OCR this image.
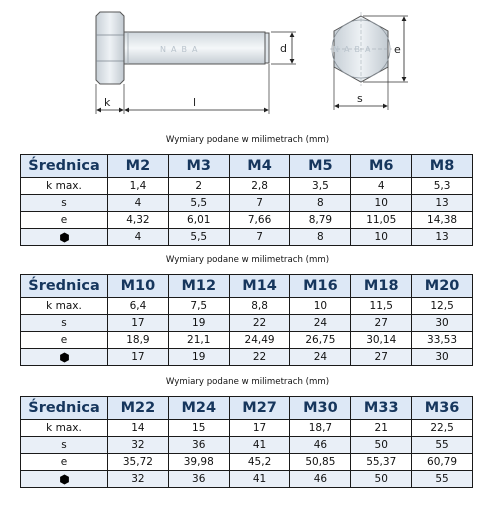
NABA	d
k	l
NABA e
s
Wymiary podane w milimetrach (mm)
Średnica	M2	M3	M4	M5	M6	M8
k max.	1,4	2	2,8	3,5	4	5,3
s	4	5,5	7	8	10	13
e	4,32	6,01	7,66	8,79	11,05	14,38
	4	5,5	7	8	10	13
Wymiary podane w milimetrach (mm)
Średnica	M10	M12	M14	M16	M18	M20
k max.	6,4	7,5	8,8	10	11,5	12,5
s	17	19	22	24	27	30
e	18,9	21,1	24,49	26,75	30,14	33,53
	17	19	22	24	27	30
Wymiary podane w milimetrach (mm)
Średnica	M22	M24	M27	M30	M33	M36
k max.	14	15	17	18,7	21	22,5
s	32	36	41	46	50	55
e	35,72	39,98	45,2	50,85	55,37	60,79
	32	36	41	46	50	55
